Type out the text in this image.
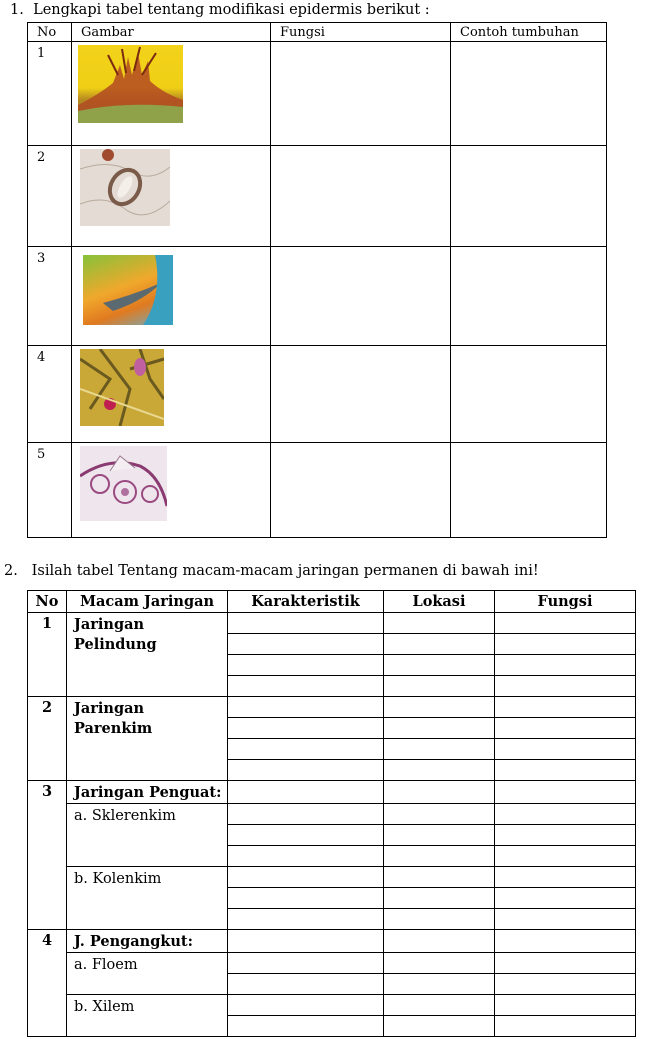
1. Lengkapi tabel tentang modifikasi epidermis berikut :
No	Gambar	Fungsi	Contoh tumbuhan
1	

2	

3	

4	

5	

2. Isilah tabel Tentang macam-macam jaringan permanen di bawah ini!
No	Macam Jaringan	Karakteristik	Lokasi	Fungsi
1	Jaringan Pelindung			

2	Jaringan Parenkim			

3	Jaringan Penguat:			
	a. Sklerenkim			

	b. Kolenkim			

4	J. Pengangkut:			
	a. Floem			

	b. Xilem			
